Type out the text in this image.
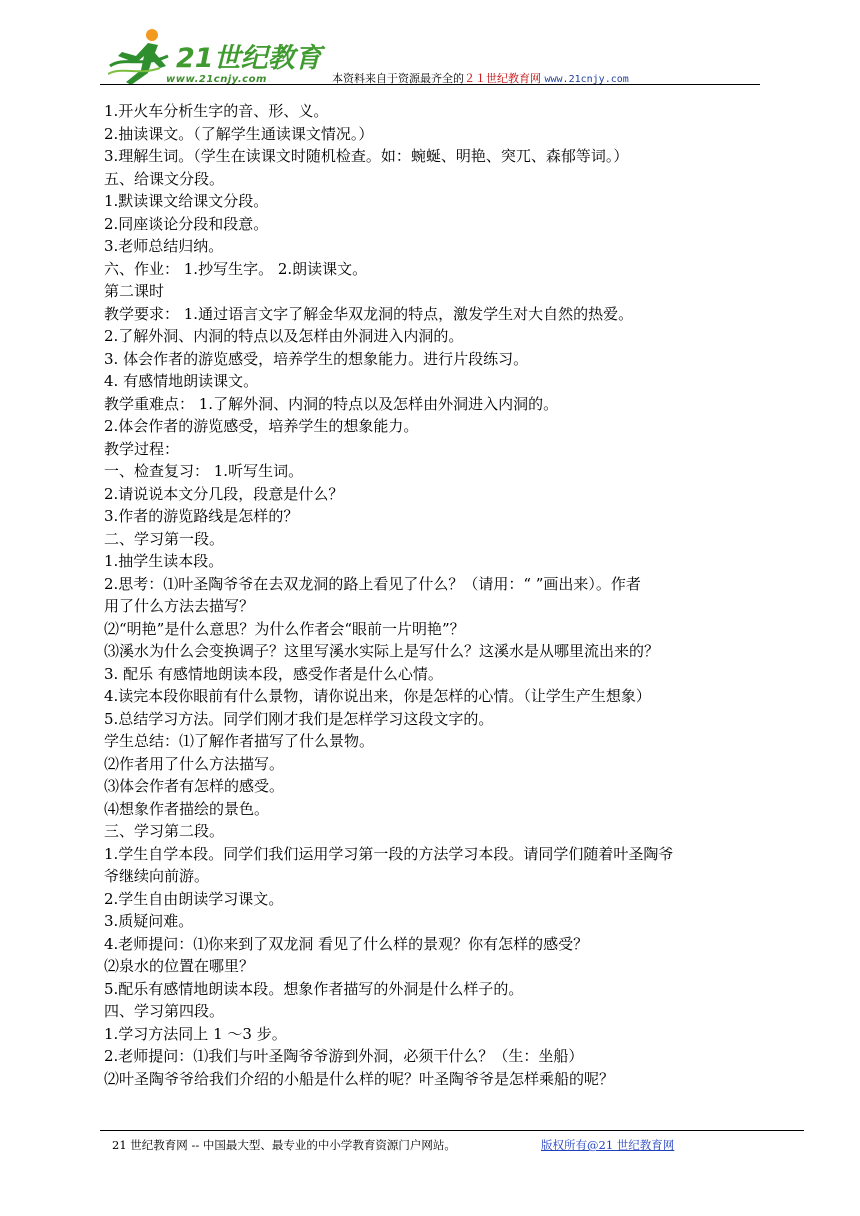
21世纪教育
www.21cnjy.com	本资料来自于资源最齐全的２１世纪教育网 www.21cnjy.com
1.开火车分析生字的音、形、义。
2.抽读课文。（了解学生通读课文情况。）
3.理解生词。（学生在读课文时随机检查。如：蜿蜒、明艳、突兀、森郁等词。）
五、给课文分段。
1.默读课文给课文分段。
2.同座谈论分段和段意。
3.老师总结归纳。
六、作业： 1.抄写生字。 2.朗读课文。
第二课时
教学要求： 1.通过语言文字了解金华双龙洞的特点，激发学生对大自然的热爱。
2.了解外洞、内洞的特点以及怎样由外洞进入内洞的。
3. 体会作者的游览感受，培养学生的想象能力。进行片段练习。
4. 有感情地朗读课文。
教学重难点： 1.了解外洞、内洞的特点以及怎样由外洞进入内洞的。
2.体会作者的游览感受，培养学生的想象能力。
教学过程：
一、检查复习： 1.听写生词。
2.请说说本文分几段，段意是什么？
3.作者的游览路线是怎样的？
二、学习第一段。
1.抽学生读本段。
2.思考：⑴叶圣陶爷爷在去双龙洞的路上看见了什么？（请用：“ ”画出来）。作者
用了什么方法去描写？
⑵“明艳”是什么意思？为什么作者会“眼前一片明艳”？
⑶溪水为什么会变换调子？这里写溪水实际上是写什么？这溪水是从哪里流出来的？
3. 配乐 有感情地朗读本段，感受作者是什么心情。
4.读完本段你眼前有什么景物，请你说出来，你是怎样的心情。（让学生产生想象）
5.总结学习方法。同学们刚才我们是怎样学习这段文字的。
学生总结：⑴了解作者描写了什么景物。
⑵作者用了什么方法描写。
⑶体会作者有怎样的感受。
⑷想象作者描绘的景色。
三、学习第二段。
1.学生自学本段。同学们我们运用学习第一段的方法学习本段。请同学们随着叶圣陶爷
爷继续向前游。
2.学生自由朗读学习课文。
3.质疑问难。
4.老师提问：⑴你来到了双龙洞 看见了什么样的景观？你有怎样的感受？
⑵泉水的位置在哪里？
5.配乐有感情地朗读本段。想象作者描写的外洞是什么样子的。
四、学习第四段。
1.学习方法同上 1 ～3 步。
2.老师提问：⑴我们与叶圣陶爷爷游到外洞，必须干什么？（生：坐船）
⑵叶圣陶爷爷给我们介绍的小船是什么样的呢？叶圣陶爷爷是怎样乘船的呢？
21 世纪教育网 -- 中国最大型、最专业的中小学教育资源门户网站。	版权所有@21 世纪教育网
